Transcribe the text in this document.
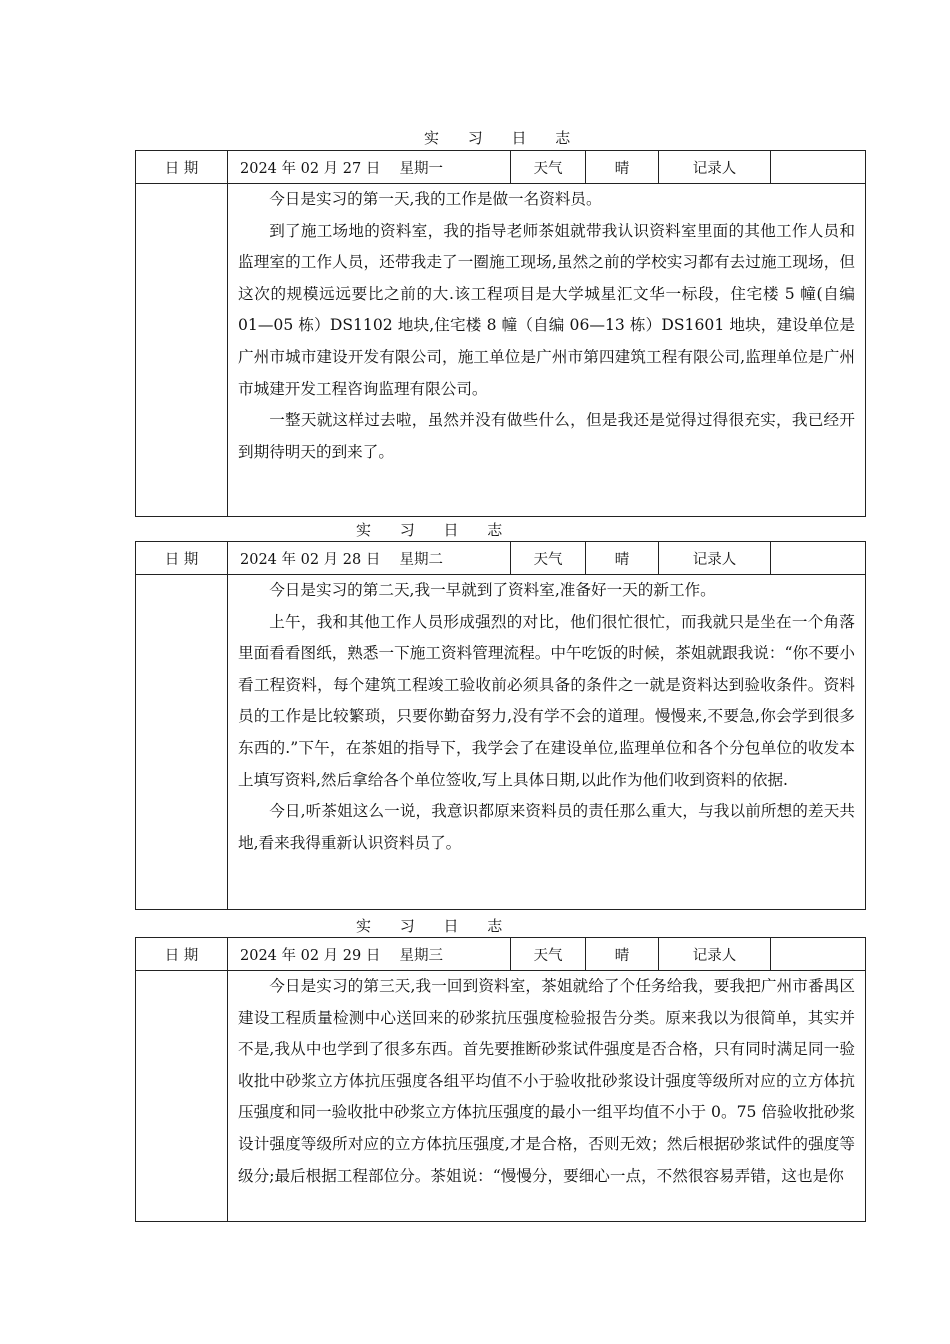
实 习 日 志
日 期	2024 年 02 月 27 日 　星期一	天气	晴	记录人	

	今日是实习的第一天,我的工作是做一名资料员。

到了施工场地的资料室，我的指导老师茶姐就带我认识资料室里面的其他工作人员和监理室的工作人员，还带我走了一圈施工现场,虽然之前的学校实习都有去过施工现场，但这次的规模远远要比之前的大.该工程项目是大学城星汇文华一标段，住宅楼 5 幢(自编 01—05 栋）DS1102 地块,住宅楼 8 幢（自编 06—13 栋）DS1601 地块，建设单位是广州市城市建设开发有限公司，施工单位是广州市第四建筑工程有限公司,监理单位是广州市城建开发工程咨询监理有限公司。

一整天就这样过去啦，虽然并没有做些什么，但是我还是觉得过得很充实，我已经开到期待明天的到来了。				

实 习 日 志
日 期	2024 年 02 月 28 日 　星期二	天气	晴	记录人	

	今日是实习的第二天,我一早就到了资料室,准备好一天的新工作。

上午，我和其他工作人员形成强烈的对比，他们很忙很忙，而我就只是坐在一个角落里面看看图纸，熟悉一下施工资料管理流程。中午吃饭的时候，茶姐就跟我说：“你不要小看工程资料，每个建筑工程竣工验收前必须具备的条件之一就是资料达到验收条件。资料员的工作是比较繁琐，只要你勤奋努力,没有学不会的道理。慢慢来,不要急,你会学到很多东西的.”下午，在茶姐的指导下，我学会了在建设单位,监理单位和各个分包单位的收发本上填写资料,然后拿给各个单位签收,写上具体日期,以此作为他们收到资料的依据.

今日,听茶姐这么一说，我意识都原来资料员的责任那么重大，与我以前所想的差天共地,看来我得重新认识资料员了。				

实 习 日 志
日 期	2024 年 02 月 29 日 　星期三	天气	晴	记录人	

	今日是实习的第三天,我一回到资料室，茶姐就给了个任务给我，要我把广州市番禺区建设工程质量检测中心送回来的砂浆抗压强度检验报告分类。原来我以为很简单，其实并不是,我从中也学到了很多东西。首先要推断砂浆试件强度是否合格，只有同时满足同一验收批中砂浆立方体抗压强度各组平均值不小于验收批砂浆设计强度等级所对应的立方体抗压强度和同一验收批中砂浆立方体抗压强度的最小一组平均值不小于 0。75 倍验收批砂浆设计强度等级所对应的立方体抗压强度,才是合格，否则无效；然后根据砂浆试件的强度等级分;最后根据工程部位分。茶姐说：“慢慢分，要细心一点，不然很容易弄错，这也是你				
